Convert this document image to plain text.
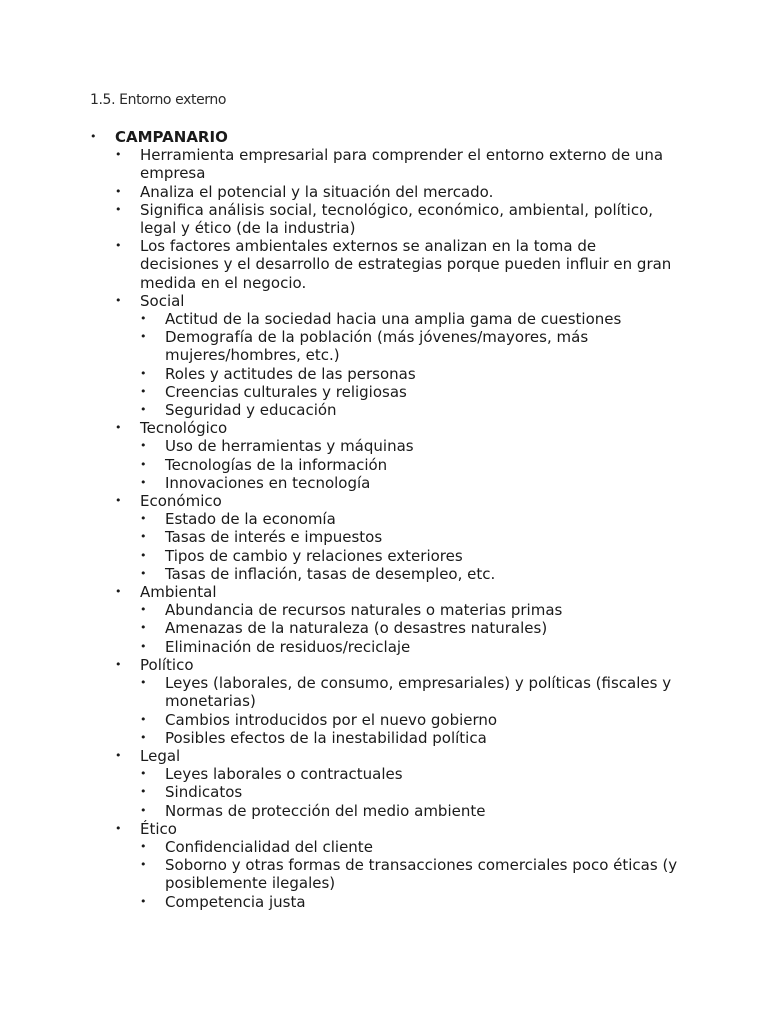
1.5. Entorno externo
• CAMPANARIO
• Herramienta empresarial para comprender el entorno externo de una empresa
• Analiza el potencial y la situación del mercado.
• Significa análisis social, tecnológico, económico, ambiental, político, legal y ético (de la industria)
• Los factores ambientales externos se analizan en la toma de decisiones y el desarrollo de estrategias porque pueden influir en gran medida en el negocio.
• Social
• Actitud de la sociedad hacia una amplia gama de cuestiones
• Demografía de la población (más jóvenes/mayores, más mujeres/hombres, etc.)
• Roles y actitudes de las personas
• Creencias culturales y religiosas
• Seguridad y educación
• Tecnológico
• Uso de herramientas y máquinas
• Tecnologías de la información
• Innovaciones en tecnología
• Económico
• Estado de la economía
• Tasas de interés e impuestos
• Tipos de cambio y relaciones exteriores
• Tasas de inflación, tasas de desempleo, etc.
• Ambiental
• Abundancia de recursos naturales o materias primas
• Amenazas de la naturaleza (o desastres naturales)
• Eliminación de residuos/reciclaje
• Político
• Leyes (laborales, de consumo, empresariales) y políticas (fiscales y monetarias)
• Cambios introducidos por el nuevo gobierno
• Posibles efectos de la inestabilidad política
• Legal
• Leyes laborales o contractuales
• Sindicatos
• Normas de protección del medio ambiente
• Ético
• Confidencialidad del cliente
• Soborno y otras formas de transacciones comerciales poco éticas (y posiblemente ilegales)
• Competencia justa
